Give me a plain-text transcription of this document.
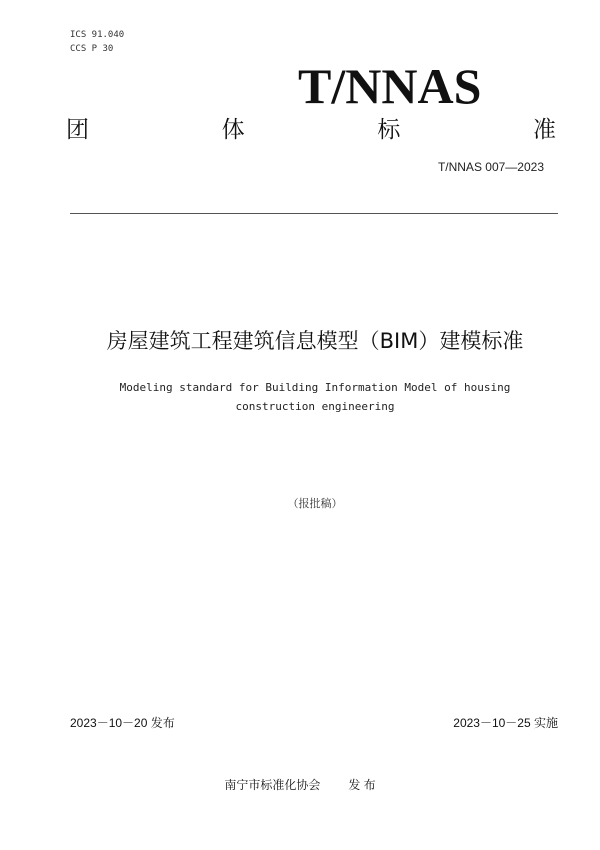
ICS 91.040
CCS P 30
T/NNAS
团	体	标	准
T/NNAS 007—2023
房屋建筑工程建筑信息模型（BIM）建模标准
Modeling standard for Building Information Model of housing
construction engineering
（报批稿）
2023－10－20 发布	2023－10－25 实施
南宁市标准化协会 发 布
